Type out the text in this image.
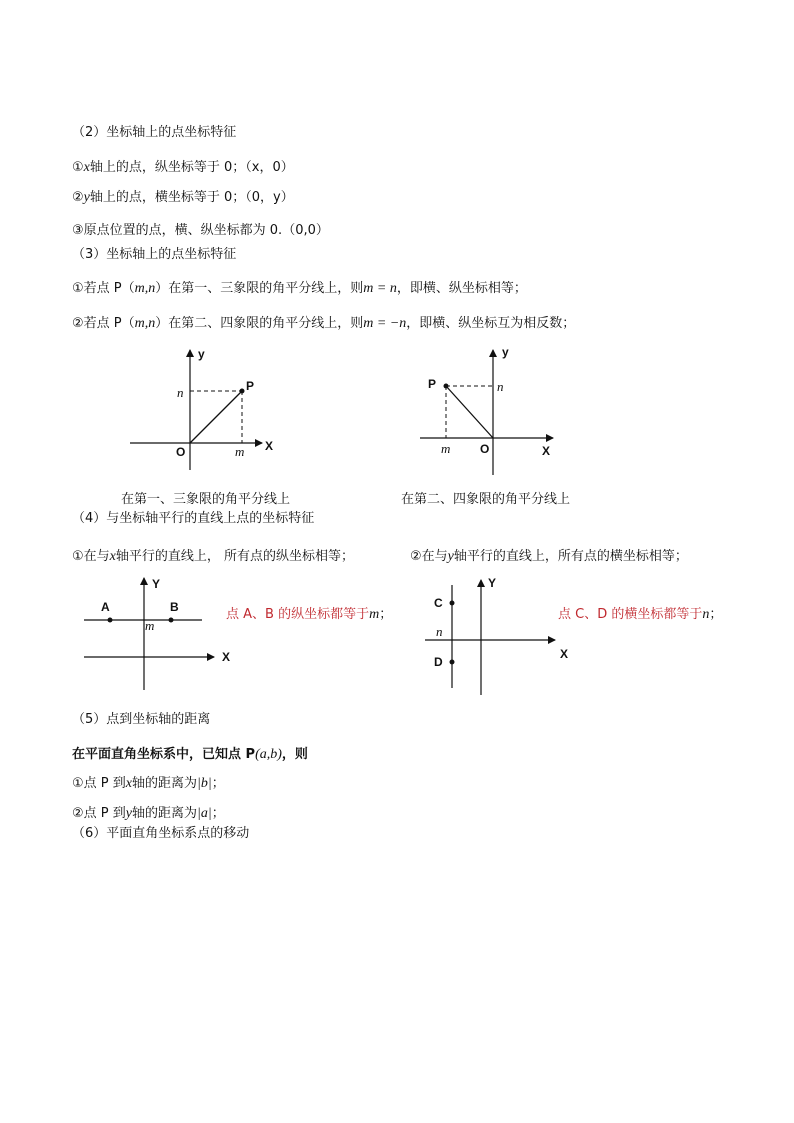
（2）坐标轴上的点坐标特征
①x轴上的点，纵坐标等于 0；（x，0）
②y轴上的点，横坐标等于 0；（0，y）
③原点位置的点，横、纵坐标都为 0.（0,0）
（3）坐标轴上的点坐标特征
①若点 P（m,n）在第一、三象限的角平分线上，则m = n，即横、纵坐标相等；
②若点 P（m,n）在第二、四象限的角平分线上，则m = −n，即横、纵坐标互为相反数；
y
X
O
P
n
m
在第一、三象限的角平分线上
y
X
O
P	n
m
在第二、四象限的角平分线上
（4）与坐标轴平行的直线上点的坐标特征
①在与x轴平行的直线上， 所有点的纵坐标相等；	②在与y轴平行的直线上，所有点的横坐标相等；
Y
X
A	B
m
点 A、B 的纵坐标都等于m；
Y
X
C
D
n
点 C、D 的横坐标都等于n；
（5）点到坐标轴的距离
在平面直角坐标系中，已知点 P(a,b)，则
①点 P 到x轴的距离为|b|；
②点 P 到y轴的距离为|a|；
（6）平面直角坐标系点的移动
